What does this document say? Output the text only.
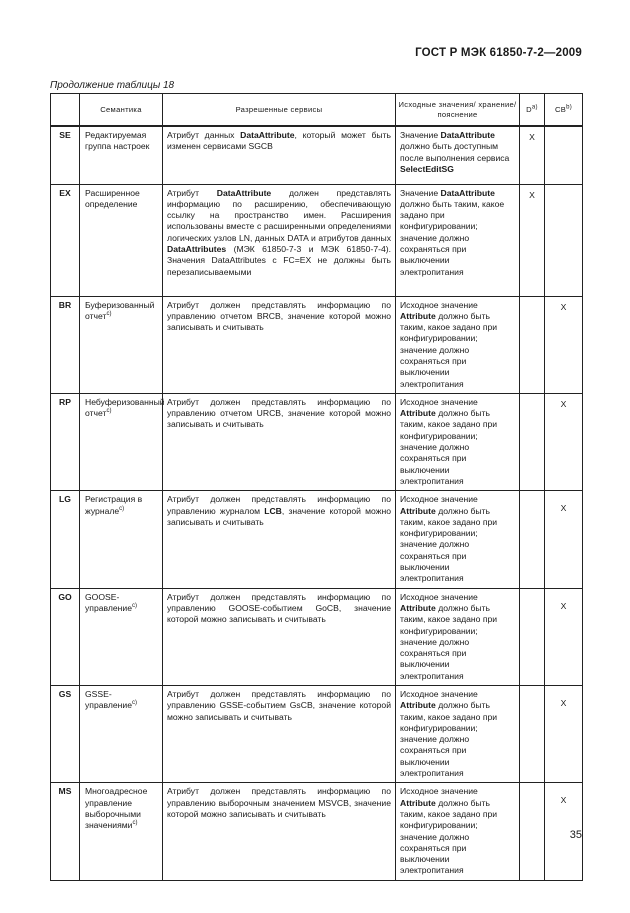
ГОСТ Р МЭК 61850-7-2—2009
Продолжение таблицы 18
	Семантика	Разрешенные сервисы	Исходные значения/ хранение/пояснение	$D^{a)}$	CB$^{b)}$
SE	Редактируемая группа настроек	Атрибут данных DataAttribute, который может быть изменен сервисами SGCB	Значение DataAttribute должно быть доступным после выполнения сервиса SelectEditSG	X	
EX	Расширенное определение	Атрибут DataAttribute должен представлять информацию по расширению, обеспечивающую ссылку на пространство имен. Расширения использованы вместе с расширенными определениями логических узлов LN, данных DATA и атрибутов данных DataAttributes (МЭК 61850-7-3 и МЭК 61850-7-4). Значения DataAttributes с FC=EX не должны быть перезаписываемыми	Значение DataAttribute должно быть таким, какое задано при конфигурировании; значение должно сохраняться при выключении электропитания	X	
BR	Буферизованный отчет$^{c)}$	Атрибут должен представлять информацию по управлению отчетом BRCB, значение которой можно записывать и считывать	Исходное значение Attribute должно быть таким, какое задано при конфигурировании; значение должно сохраняться при выключении электропитания		X
RP	Небуферизованный отчет$^{c)}$	Атрибут должен представлять информацию по управлению отчетом URCB, значение которой можно записывать и считывать	Исходное значение Attribute должно быть таким, какое задано при конфигурировании; значение должно сохраняться при выключении электропитания		X
LG	Регистрация в журнале$^{c)}$	Атрибут должен представлять информацию по управлению журналом LCB, значение которой можно записывать и считывать	Исходное значение Attribute должно быть таким, какое задано при конфигурировании; значение должно сохраняться при выключении электропитания		X
GO	GOOSE-управление$^{c)}$	Атрибут должен представлять информацию по управлению GOOSE-событием GoCB, значение которой можно записывать и считывать	Исходное значение Attribute должно быть таким, какое задано при конфигурировании; значение должно сохраняться при выключении электропитания		X
GS	GSSE-управление$^{c)}$	Атрибут должен представлять информацию по управлению GSSE-событием GsCB, значение которой можно записывать и считывать	Исходное значение Attribute должно быть таким, какое задано при конфигурировании; значение должно сохраняться при выключении электропитания		X
MS	Многоадресное управление выборочными значениями$^{c)}$	Атрибут должен представлять информацию по управлению выборочным значением MSVCB, значение которой можно записывать и считывать	Исходное значение Attribute должно быть таким, какое задано при конфигурировании; значение должно сохраняться при выключении электропитания		X
35
